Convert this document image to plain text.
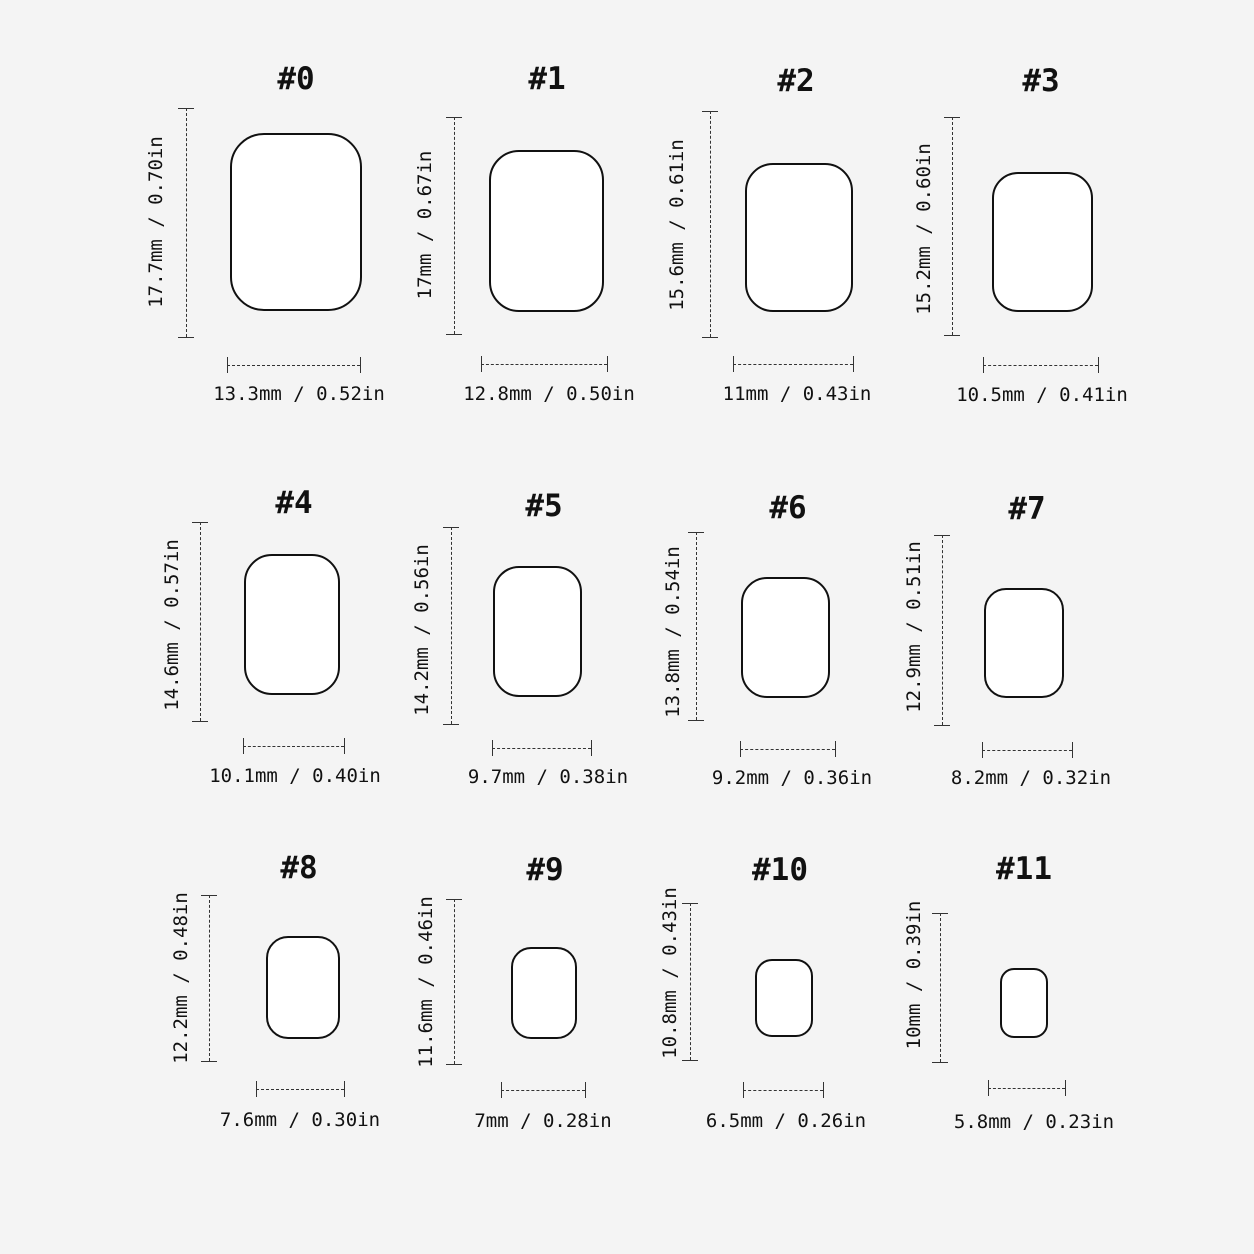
#0
17.7mm / 0.70in
13.3mm / 0.52in
#1
17mm / 0.67in
12.8mm / 0.50in
#2
15.6mm / 0.61in
11mm / 0.43in
#3
15.2mm / 0.60in
10.5mm / 0.41in
#4
14.6mm / 0.57in
10.1mm / 0.40in
#5
14.2mm / 0.56in
9.7mm / 0.38in
#6
13.8mm / 0.54in
9.2mm / 0.36in
#7
12.9mm / 0.51in
8.2mm / 0.32in
#8
12.2mm / 0.48in
7.6mm / 0.30in
#9
11.6mm / 0.46in
7mm / 0.28in
#10
10.8mm / 0.43in
6.5mm / 0.26in
#11
10mm / 0.39in
5.8mm / 0.23in
